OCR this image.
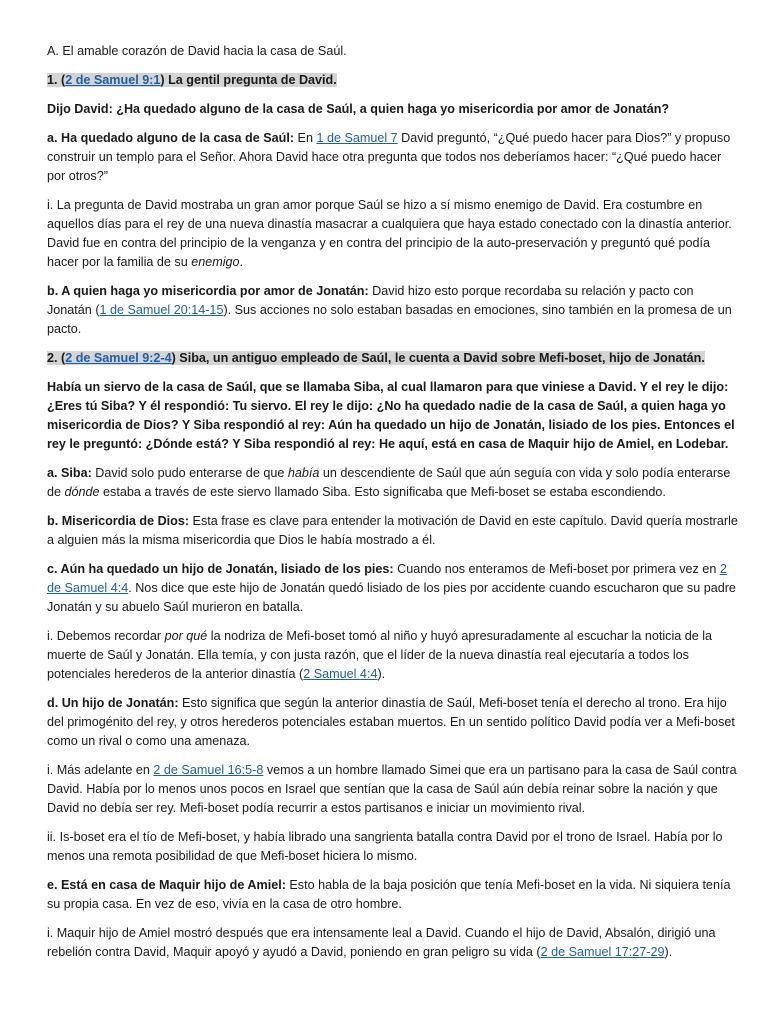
A. El amable corazón de David hacia la casa de Saúl.

1. (2 de Samuel 9:1) La gentil pregunta de David.

Dijo David: ¿Ha quedado alguno de la casa de Saúl, a quien haga yo misericordia por amor de Jonatán?

a. Ha quedado alguno de la casa de Saúl: En 1 de Samuel 7 David preguntó, “¿Qué puedo hacer para Dios?” y propuso construir un templo para el Señor. Ahora David hace otra pregunta que todos nos deberíamos hacer: “¿Qué puedo hacer por otros?”

i. La pregunta de David mostraba un gran amor porque Saúl se hizo a sí mismo enemigo de David. Era costumbre en aquellos días para el rey de una nueva dinastía masacrar a cualquiera que haya estado conectado con la dinastía anterior. David fue en contra del principio de la venganza y en contra del principio de la auto-preservación y preguntó qué podía hacer por la familia de su enemigo.

b. A quien haga yo misericordia por amor de Jonatán: David hizo esto porque recordaba su relación y pacto con Jonatán (1 de Samuel 20:14-15). Sus acciones no solo estaban basadas en emociones, sino también en la promesa de un pacto.

2. (2 de Samuel 9:2-4) Siba, un antiguo empleado de Saúl, le cuenta a David sobre Mefi-boset, hijo de Jonatán.

Había un siervo de la casa de Saúl, que se llamaba Siba, al cual llamaron para que viniese a David. Y el rey le dijo: ¿Eres tú Siba? Y él respondió: Tu siervo. El rey le dijo: ¿No ha quedado nadie de la casa de Saúl, a quien haga yo misericordia de Dios? Y Siba respondió al rey: Aún ha quedado un hijo de Jonatán, lisiado de los pies. Entonces el rey le preguntó: ¿Dónde está? Y Siba respondió al rey: He aquí, está en casa de Maquir hijo de Amiel, en Lodebar.

a. Siba: David solo pudo enterarse de que había un descendiente de Saúl que aún seguía con vida y solo podía enterarse de dónde estaba a través de este siervo llamado Siba. Esto significaba que Mefi-boset se estaba escondiendo.

b. Misericordia de Dios: Esta frase es clave para entender la motivación de David en este capítulo. David quería mostrarle a alguien más la misma misericordia que Dios le había mostrado a él.

c. Aún ha quedado un hijo de Jonatán, lisiado de los pies: Cuando nos enteramos de Mefi-boset por primera vez en 2 de Samuel 4:4. Nos dice que este hijo de Jonatán quedó lisiado de los pies por accidente cuando escucharon que su padre Jonatán y su abuelo Saúl murieron en batalla.

i. Debemos recordar por qué la nodriza de Mefi-boset tomó al niño y huyó apresuradamente al escuchar la noticia de la muerte de Saúl y Jonatán. Ella temía, y con justa razón, que el líder de la nueva dinastía real ejecutaría a todos los potenciales herederos de la anterior dinastía (2 Samuel 4:4).

d. Un hijo de Jonatán: Esto significa que según la anterior dinastía de Saúl, Mefi-boset tenía el derecho al trono. Era hijo del primogénito del rey, y otros herederos potenciales estaban muertos. En un sentido político David podía ver a Mefi-boset como un rival o como una amenaza.

i. Más adelante en 2 de Samuel 16:5-8 vemos a un hombre llamado Simei que era un partisano para la casa de Saúl contra David. Había por lo menos unos pocos en Israel que sentían que la casa de Saúl aún debía reinar sobre la nación y que David no debía ser rey. Mefi-boset podía recurrir a estos partisanos e iniciar un movimiento rival.

ii. Is-boset era el tío de Mefi-boset, y había librado una sangrienta batalla contra David por el trono de Israel. Había por lo menos una remota posibilidad de que Mefi-boset hiciera lo mismo.

e. Está en casa de Maquir hijo de Amiel: Esto habla de la baja posición que tenía Mefi-boset en la vida. Ni siquiera tenía su propia casa. En vez de eso, vivía en la casa de otro hombre.

i. Maquir hijo de Amiel mostró después que era intensamente leal a David. Cuando el hijo de David, Absalón, dirigió una rebelión contra David, Maquir apoyó y ayudó a David, poniendo en gran peligro su vida (2 de Samuel 17:27-29).
